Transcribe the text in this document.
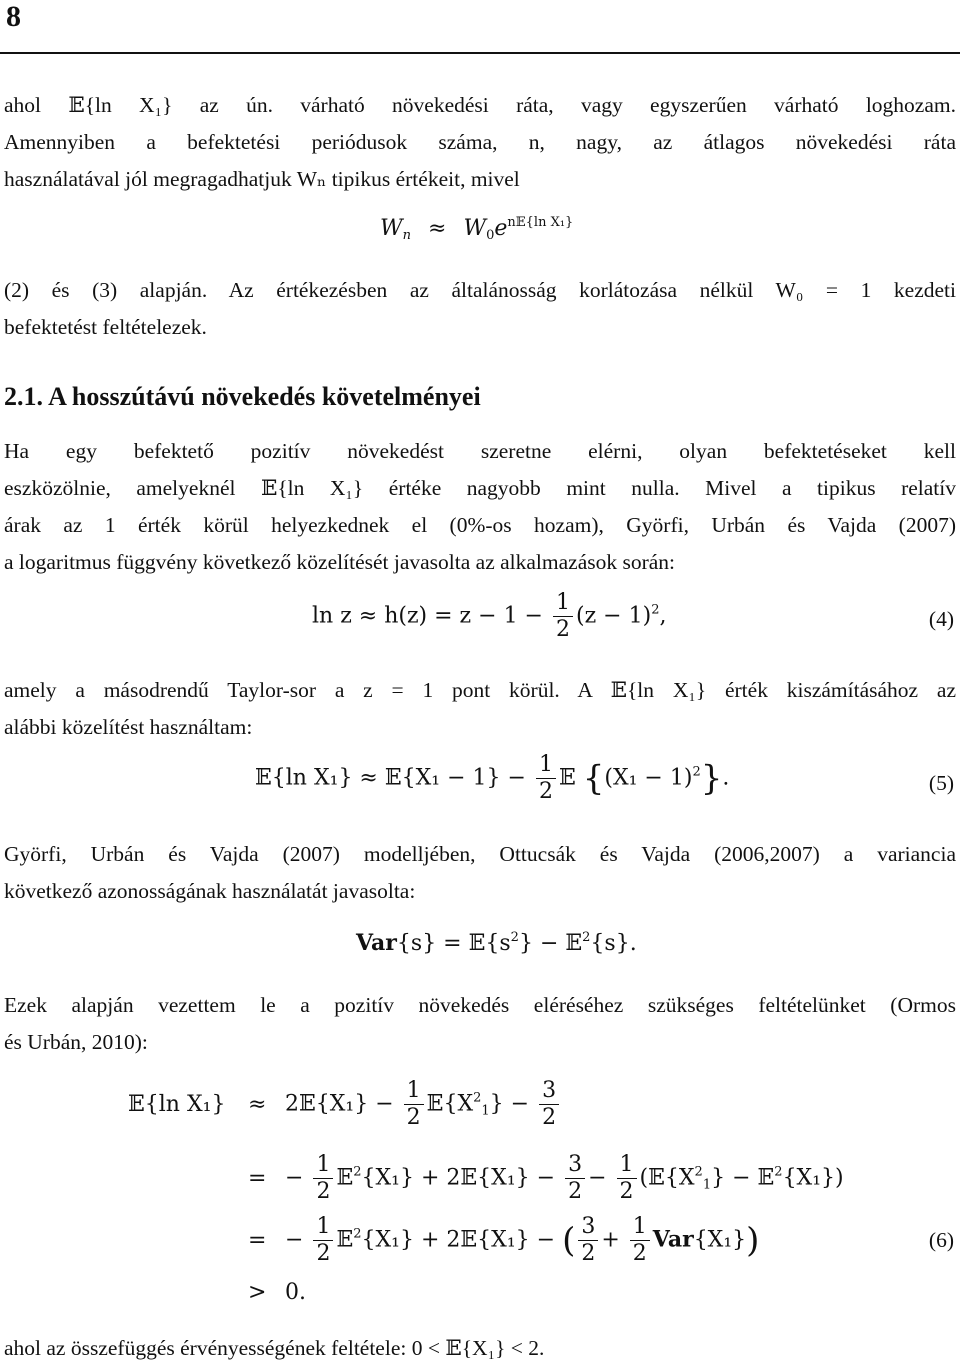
8
ahol 𝔼{ln X₁} az ún. várható növekedési ráta, vagy egyszerűen várható loghozam.
Amennyiben a befektetési periódusok száma, n, nagy, az átlagos növekedési ráta
használatával jól megragadhatjuk Wₙ tipikus értékeit, mivel
$W_n \approx W_0e^{n𝔼\{ln X_1\}}$
(2) és (3) alapján. Az értékezésben az általánosság korlátozása nélkül W₀ = 1 kezdeti
befektetést feltételezek.
2.1. A hosszútávú növekedés követelményei
Ha egy befektető pozitív növekedést szeretne elérni, olyan befektetéseket kell
eszközölnie, amelyeknél 𝔼{ln X₁} értéke nagyobb mint nulla. Mivel a tipikus relatív
árak az 1 érték körül helyezkednek el (0%-os hozam), Györfi, Urbán és Vajda (2007)
a logaritmus függvény következő közelítését javasolta az alkalmazások során:
$\ln z \approx h(z) = z - 1 - \frac{1}{2} (z - 1)^2$,	(4)
amely a másodrendű Taylor-sor a z = 1 pont körül. A 𝔼{ln X₁} érték kiszámításához az
alábbi közelítést használtam:
𝔼{ln X₁} ≈ 𝔼{X₁ − $1\} - \frac{1}{2}$ 𝔼 $\{(X_1 - 1)^2\}$.	(5)
Györfi, Urbán és Vajda (2007) modelljében, Ottucsák és Vajda (2006,2007) a variancia
következő azonosságának használatát javasolta:
$Var\{s\} = 𝔼\{s^2\}$ − 𝔼$^2${s}.
Ezek alapján vezettem le a pozitív növekedés eléréséhez szükséges feltételünket (Ormos
és Urbán, 2010):
𝔼{ln X₁} ≈ 2𝔼{X₁} − $\frac{1}{2}$ $𝔼\{X^2_1\} - \frac{3}{2}$
= − $\frac{1}{2}$ 𝔼$^2${X₁} + 2𝔼{X₁} − $\frac{3}{2} - \frac{1}{2}$ ($𝔼\{X^2_1\}$ − 𝔼$^2${X₁})
= − $\frac{1}{2}$ 𝔼$^2${X₁} + 2𝔼{X₁} − ( $\frac{3}{2} + \frac{1}{2} Var\{X_1\}$)	(6)
> 0.
ahol az összefüggés érvényességének feltétele: 0 < 𝔼{X₁} < 2.
